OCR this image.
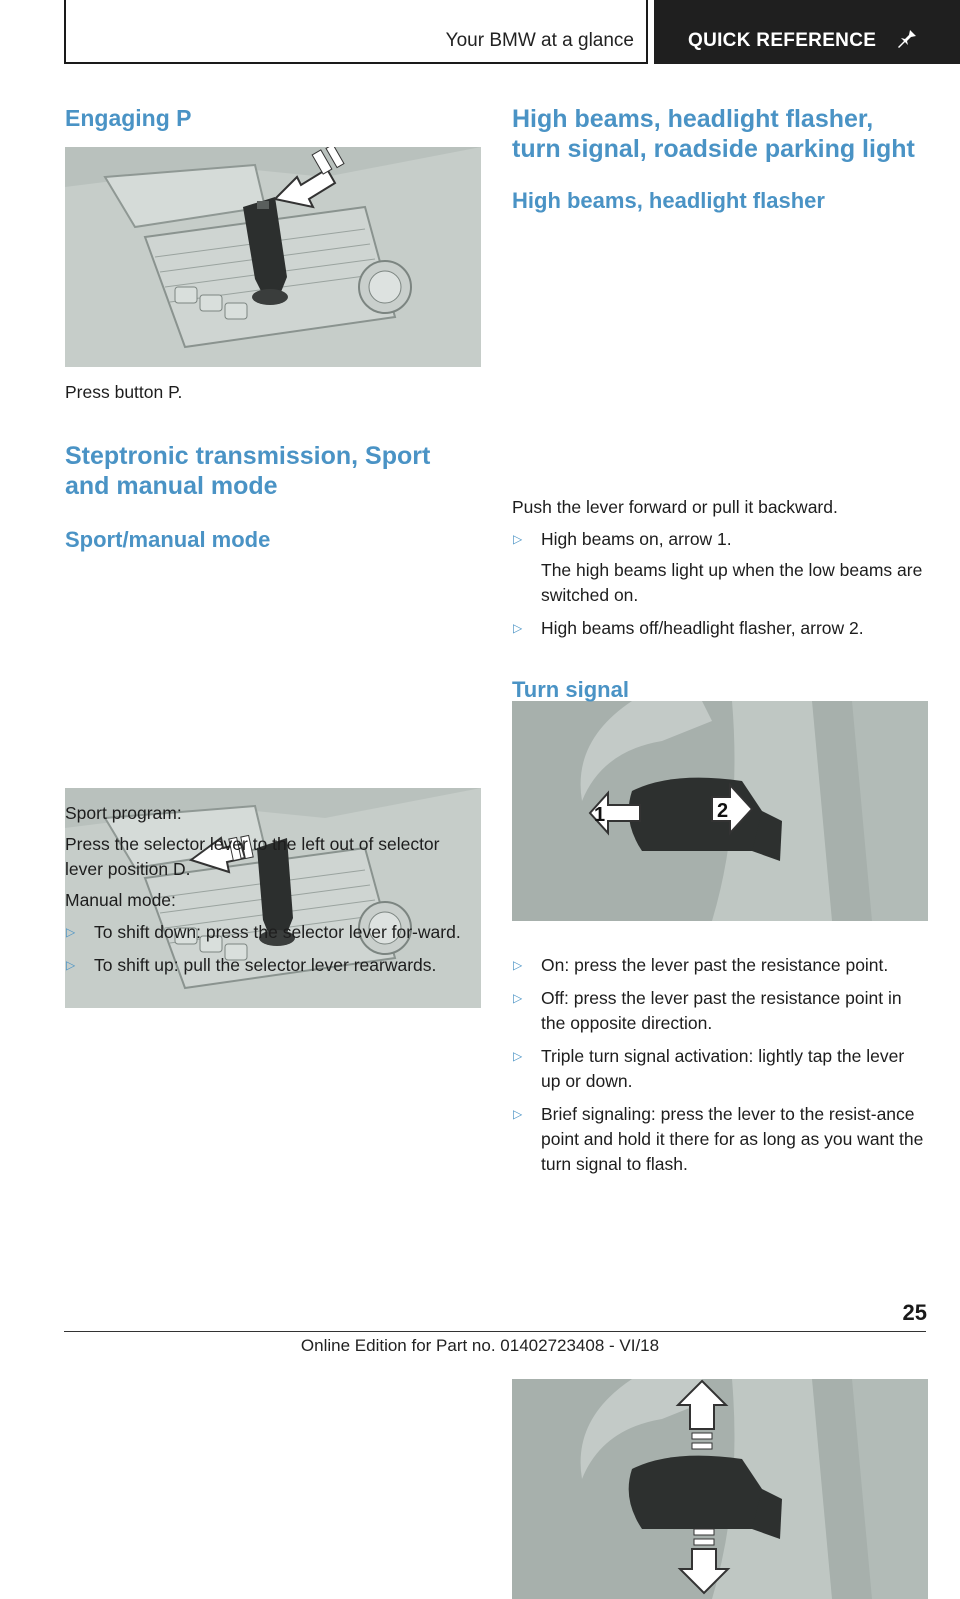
Your BMW at a glance	QUICK REFERENCE
Engaging P

Press button P.

Steptronic transmission, Sport and manual mode
Sport/manual mode

Sport program:

Press the selector lever to the left out of selector lever position D.

Manual mode:

▷ To shift down: press the selector lever for-ward.
▷ To shift up: pull the selector lever rearwards.
High beams, headlight flasher, turn signal, roadside parking light
High beams, headlight flasher
1	2

Push the lever forward or pull it backward.

▷ High beams on, arrow 1.
The high beams light up when the low beams are switched on.
▷ High beams off/headlight flasher, arrow 2.
Turn signal
▷ On: press the lever past the resistance point.
▷ Off: press the lever past the resistance point in the opposite direction.
▷ Triple turn signal activation: lightly tap the lever up or down.
▷ Brief signaling: press the lever to the resist-ance point and hold it there for as long as you want the turn signal to flash.
25
Online Edition for Part no. 01402723408 - VI/18
